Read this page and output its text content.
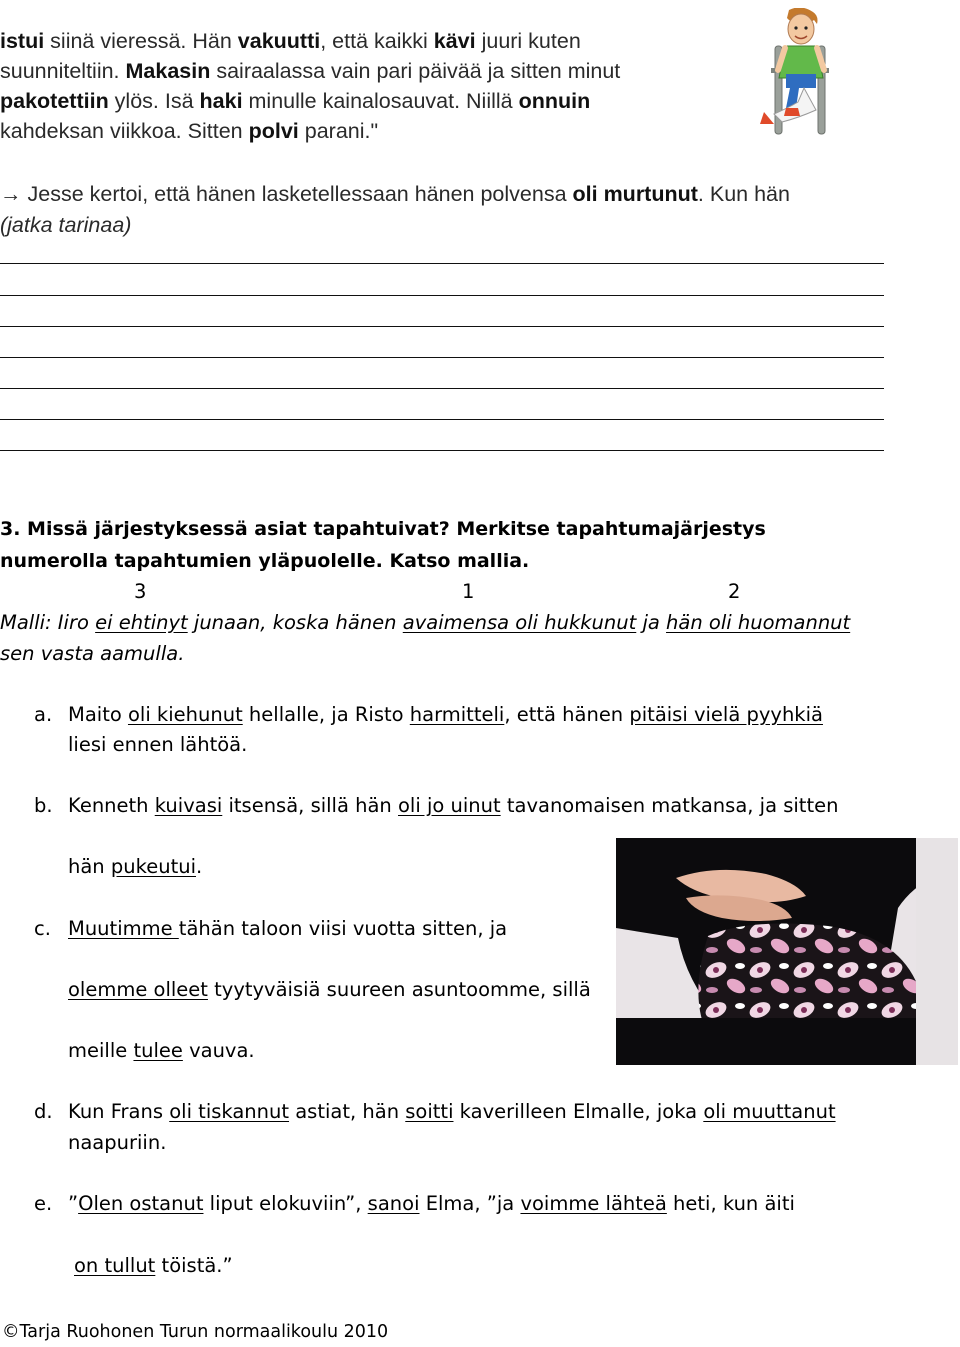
istui siinä vieressä. Hän vakuutti, että kaikki kävi juuri kuten
suunniteltiin. Makasin sairaalassa vain pari päivää ja sitten minut
pakotettiin ylös. Isä haki minulle kainalosauvat. Niillä onnuin
kahdeksan viikkoa. Sitten polvi parani."
→ Jesse kertoi, että hänen lasketellessaan hänen polvensa oli murtunut. Kun hän
(jatka tarinaa)
3. Missä järjestyksessä asiat tapahtuivat? Merkitse tapahtumajärjestys
numerolla tapahtumien yläpuolelle. Katso mallia.
3	1	2
Malli: Iiro ei ehtinyt junaan, koska hänen avaimensa oli hukkunut ja hän oli huomannut
sen vasta aamulla.
a. Maito oli kiehunut hellalle, ja Risto harmitteli, että hänen pitäisi vielä pyyhkiä
liesi ennen lähtöä.
b. Kenneth kuivasi itsensä, sillä hän oli jo uinut tavanomaisen matkansa, ja sitten
hän pukeutui.
c. Muutimme tähän taloon viisi vuotta sitten, ja
olemme olleet tyytyväisiä suureen asuntoomme, sillä
meille tulee vauva.
d. Kun Frans oli tiskannut astiat, hän soitti kaverilleen Elmalle, joka oli muuttanut
naapuriin.
e. ”Olen ostanut liput elokuviin”, sanoi Elma, ”ja voimme lähteä heti, kun äiti
on tullut töistä.”
©Tarja Ruohonen Turun normaalikoulu 2010
